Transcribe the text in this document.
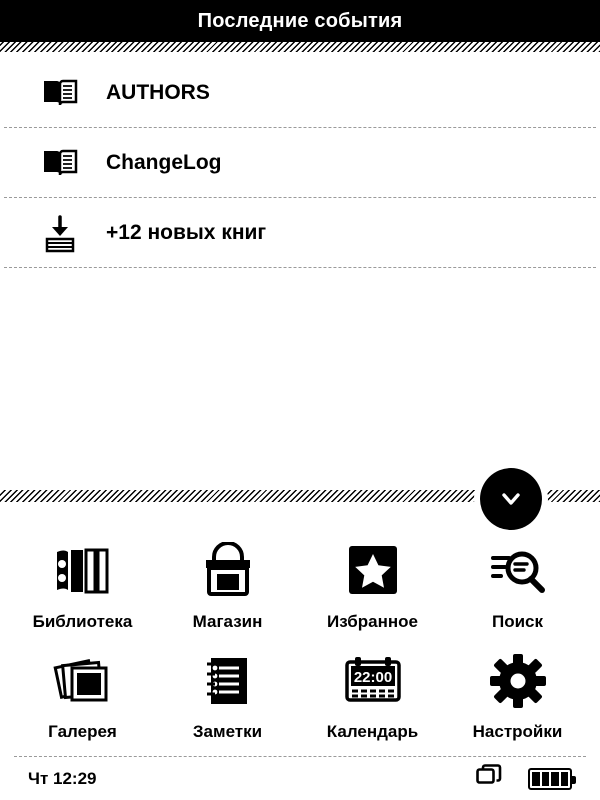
Последние события
AUTHORS
ChangeLog
+12 новых книг
Библиотека	Магазин	Избранное	Поиск
Галерея	Заметки
22:00
Календарь	Настройки
Чт 12:29
